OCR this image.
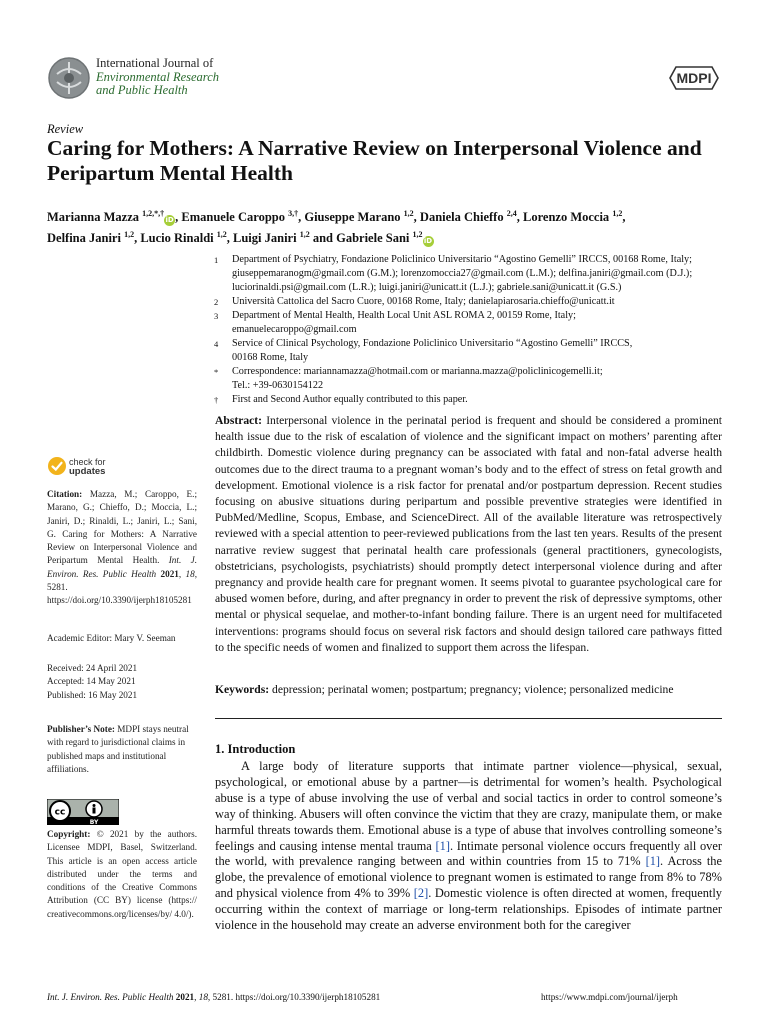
International Journal of
Environmental Research
and Public Health
MDPI
Review
Caring for Mothers: A Narrative Review on Interpersonal Violence and Peripartum Mental Health
Marianna Mazza $^{1,2,*,\dagger}$iD, Emanuele Caroppo $^{3,\dagger}$, Giuseppe Marano $^{1,2}$, Daniela Chieffo $^{2,4}$, Lorenzo Moccia $^{1,2}$,
Delfina Janiri $^{1,2}$, Lucio Rinaldi $^{1,2}$, Luigi Janiri $^{1,2}$ and Gabriele Sani $^{1,2}$iD
1 Department of Psychiatry, Fondazione Policlinico Universitario “Agostino Gemelli” IRCCS, 00168 Rome, Italy;
giuseppemaranogm@gmail.com (G.M.); lorenzomoccia27@gmail.com (L.M.); delfina.janiri@gmail.com (D.J.);
luciorinaldi.psi@gmail.com (L.R.); luigi.janiri@unicatt.it (L.J.); gabriele.sani@unicatt.it (G.S.)
2 Università Cattolica del Sacro Cuore, 00168 Rome, Italy; danielapiarosaria.chieffo@unicatt.it
3 Department of Mental Health, Health Local Unit ASL ROMA 2, 00159 Rome, Italy;
emanuelecaroppo@gmail.com
4 Service of Clinical Psychology, Fondazione Policlinico Universitario “Agostino Gemelli” IRCCS,
00168 Rome, Italy
* Correspondence: mariannamazza@hotmail.com or marianna.mazza@policlinicogemelli.it;
Tel.: +39-0630154122
† First and Second Author equally contributed to this paper.
Abstract: Interpersonal violence in the perinatal period is frequent and should be considered a prominent health issue due to the risk of escalation of violence and the significant impact on mothers’ parenting after childbirth. Domestic violence during pregnancy can be associated with fatal and non-fatal adverse health outcomes due to the direct trauma to a pregnant woman’s body and to the effect of stress on fetal growth and development. Emotional violence is a risk factor for prenatal and/or postpartum depression. Recent studies focusing on abusive situations during peripartum and possible preventive strategies were identified in PubMed/Medline, Scopus, Embase, and ScienceDirect. All of the available literature was retrospectively reviewed with a special attention to peer-reviewed publications from the last ten years. Results of the present narrative review suggest that perinatal health care professionals (general practitioners, gynecologists, obstetricians, psychologists, psychiatrists) should promptly detect interpersonal violence during and after pregnancy and provide health care for pregnant women. It seems pivotal to guarantee psychological care for abused women before, during, and after pregnancy in order to prevent the risk of depressive symptoms, other mental or physical sequelae, and mother-to-infant bonding failure. There is an urgent need for multifaceted interventions: programs should focus on several risk factors and should design tailored care pathways fitted to the specific needs of women and finalized to support them across the lifespan.
Keywords: depression; perinatal women; postpartum; pregnancy; violence; personalized medicine
check for
updates
Citation: Mazza, M.; Caroppo, E.; Marano, G.; Chieffo, D.; Moccia, L.; Janiri, D.; Rinaldi, L.; Janiri, L.; Sani, G. Caring for Mothers: A Narrative Review on Interpersonal Violence and Peripartum Mental Health. Int. J. Environ. Res. Public Health 2021, 18, 5281. https://doi.org/10.3390/ijerph18105281
Academic Editor: Mary V. Seeman
Received: 24 April 2021
Accepted: 14 May 2021
Published: 16 May 2021
Publisher’s Note: MDPI stays neutral with regard to jurisdictional claims in published maps and institutional affiliations.
cc
BY
Copyright: © 2021 by the authors. Licensee MDPI, Basel, Switzerland. This article is an open access article distributed under the terms and conditions of the Creative Commons Attribution (CC BY) license (https:// creativecommons.org/licenses/by/ 4.0/).
1. Introduction
A large body of literature supports that intimate partner violence—physical, sexual, psychological, or emotional abuse by a partner—is detrimental for women’s health. Psychological abuse is a type of abuse involving the use of verbal and social tactics in order to control someone’s way of thinking. Abusers will often convince the victim that they are crazy, manipulate them, or make harmful threats towards them. Emotional abuse is a type of abuse that involves controlling someone’s feelings and causing intense mental trauma [1]. Intimate personal violence occurs frequently all over the world, with prevalence ranging between and within countries from 15 to 71% [1]. Across the globe, the prevalence of emotional violence to pregnant women is estimated to range from 8% to 78% and physical violence from 4% to 39% [2]. Domestic violence is often directed at women, frequently occurring within the context of marriage or long-term relationships. Episodes of intimate partner violence in the household may create an adverse environment both for the caregiver
Int. J. Environ. Res. Public Health 2021, 18, 5281. https://doi.org/10.3390/ijerph18105281	https://www.mdpi.com/journal/ijerph
